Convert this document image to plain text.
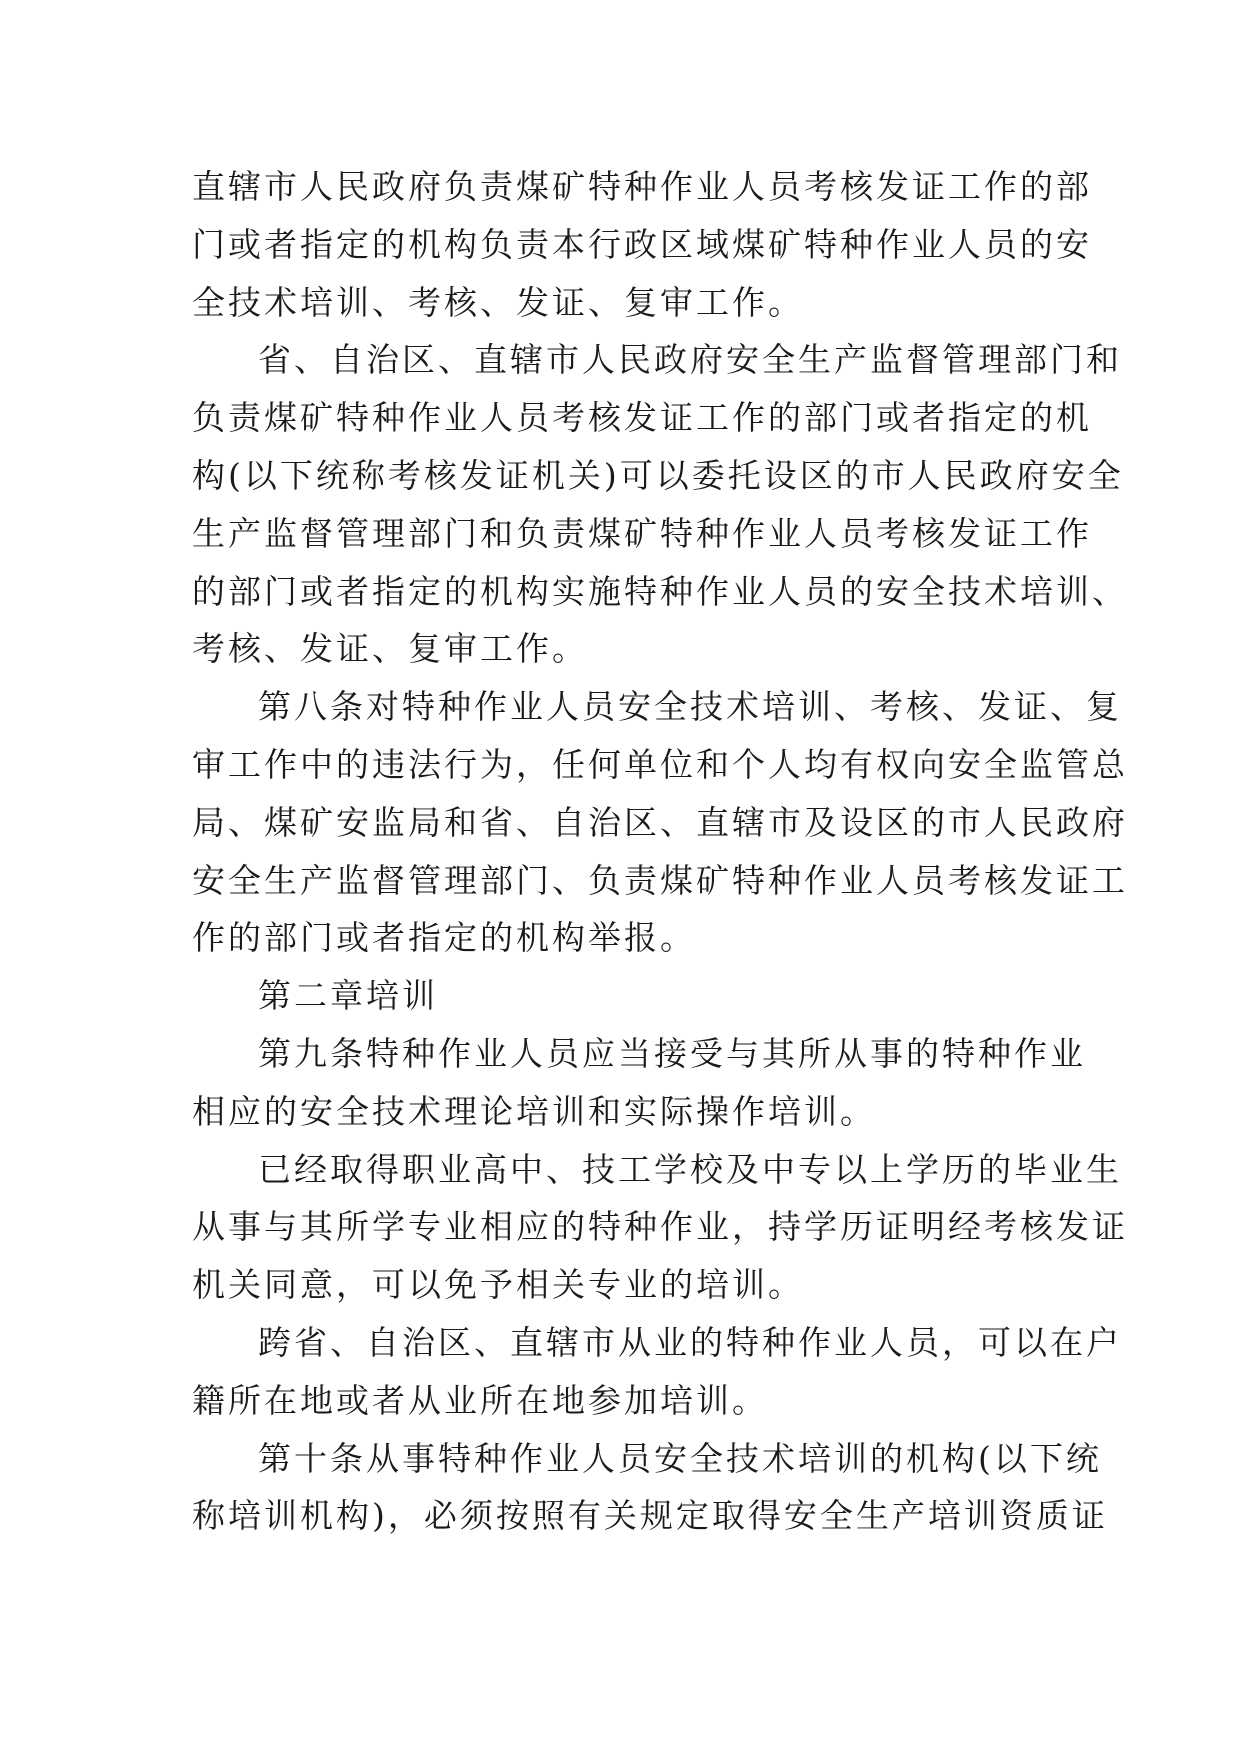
直辖市人民政府负责煤矿特种作业人员考核发证工作的部
门或者指定的机构负责本行政区域煤矿特种作业人员的安
全技术培训、考核、发证、复审工作。
省、自治区、直辖市人民政府安全生产监督管理部门和
负责煤矿特种作业人员考核发证工作的部门或者指定的机
构(以下统称考核发证机关)可以委托设区的市人民政府安全
生产监督管理部门和负责煤矿特种作业人员考核发证工作
的部门或者指定的机构实施特种作业人员的安全技术培训、
考核、发证、复审工作。
第八条对特种作业人员安全技术培训、考核、发证、复
审工作中的违法行为，任何单位和个人均有权向安全监管总
局、煤矿安监局和省、自治区、直辖市及设区的市人民政府
安全生产监督管理部门、负责煤矿特种作业人员考核发证工
作的部门或者指定的机构举报。
第二章培训
第九条特种作业人员应当接受与其所从事的特种作业
相应的安全技术理论培训和实际操作培训。
已经取得职业高中、技工学校及中专以上学历的毕业生
从事与其所学专业相应的特种作业，持学历证明经考核发证
机关同意，可以免予相关专业的培训。
跨省、自治区、直辖市从业的特种作业人员，可以在户
籍所在地或者从业所在地参加培训。
第十条从事特种作业人员安全技术培训的机构(以下统
称培训机构)，必须按照有关规定取得安全生产培训资质证
